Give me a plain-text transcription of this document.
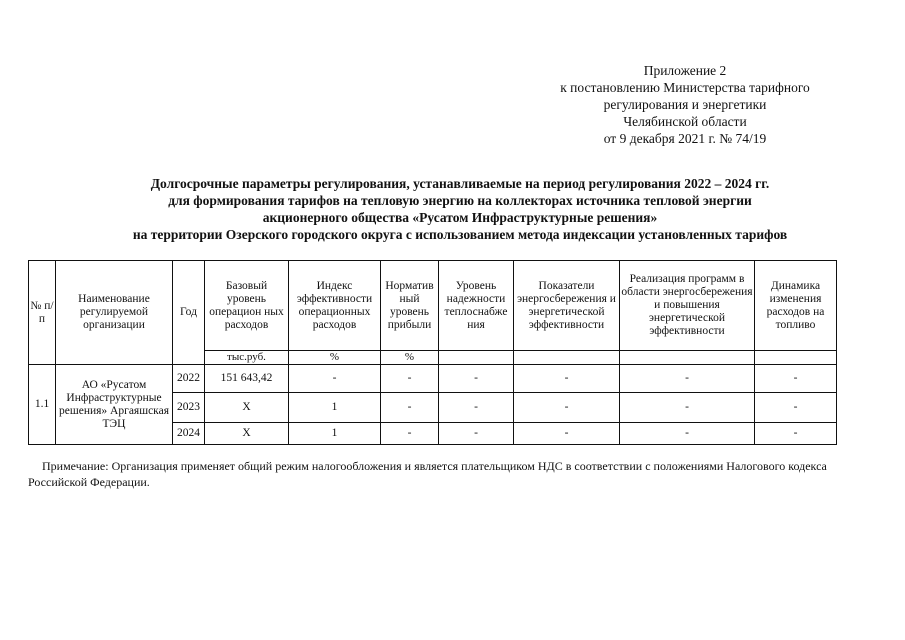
Приложение 2
к постановлению Министерства тарифного
регулирования и энергетики
Челябинской области
от 9 декабря 2021 г. № 74/19
Долгосрочные параметры регулирования, устанавливаемые на период регулирования 2022 – 2024 гг.
для формирования тарифов на тепловую энергию на коллекторах источника тепловой энергии
акционерного общества «Русатом Инфраструктурные решения»
на территории Озерского городского округа с использованием метода индексации установленных тарифов
№ п/п	Наименование регулируемой организации	Год	Базовый уровень операцион ных расходов	Индекс эффективности операционных расходов	Норматив ный уровень прибыли	Уровень надежности теплоснабже ния	Показатели энергосбережения и энергетической эффективности	Реализация программ в области энергосбережения и повышения энергетической эффективности	Динамика изменения расходов на топливо
			тыс.руб.	%	%				
1.1	АО «Русатом Инфраструктурные решения» Аргаяшская ТЭЦ	2022	151 643,42	-	-	-	-	-	-
		2023	Х	1	-	-	-	-	-
		2024	Х	1	-	-	-	-	-
Примечание: Организация применяет общий режим налогообложения и является плательщиком НДС в соответствии с положениями Налогового кодекса Российской Федерации.
